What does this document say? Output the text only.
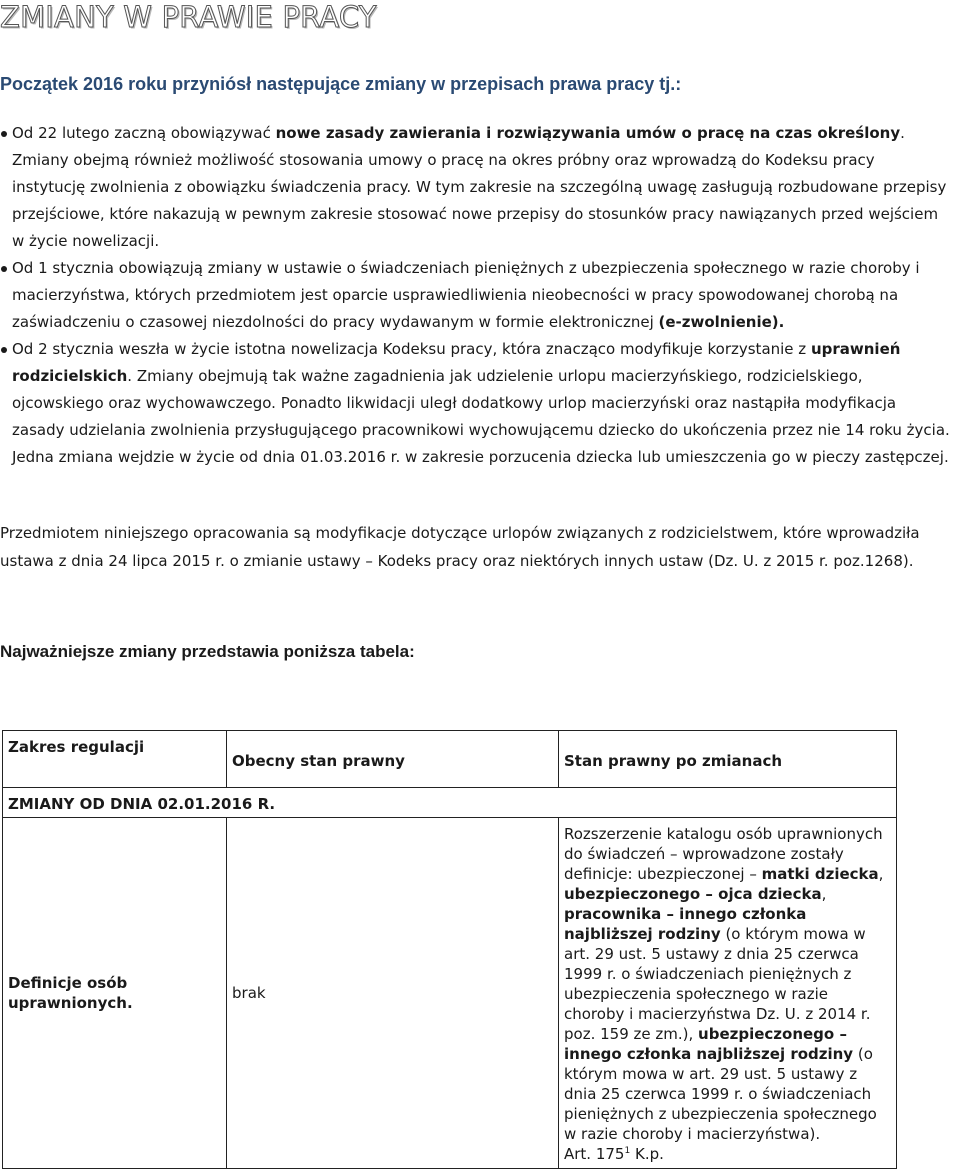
ZMIANY W PRAWIE PRACY
Początek 2016 roku przyniósł następujące zmiany w przepisach prawa pracy tj.:
Od 22 lutego zaczną obowiązywać nowe zasady zawierania i rozwiązywania umów o pracę na czas określony. Zmiany obejmą również możliwość stosowania umowy o pracę na okres próbny oraz wprowadzą do Kodeksu pracy instytucję zwolnienia z obowiązku świadczenia pracy. W tym zakresie na szczególną uwagę zasługują rozbudowane przepisy przejściowe, które nakazują w pewnym zakresie stosować nowe przepisy do stosunków pracy nawiązanych przed wejściem w życie nowelizacji.
Od 1 stycznia obowiązują zmiany w ustawie o świadczeniach pieniężnych z ubezpieczenia społecznego w razie choroby i macierzyństwa, których przedmiotem jest oparcie usprawiedliwienia nieobecności w pracy spowodowanej chorobą na zaświadczeniu o czasowej niezdolności do pracy wydawanym w formie elektronicznej (e-zwolnienie).
Od 2 stycznia weszła w życie istotna nowelizacja Kodeksu pracy, która znacząco modyfikuje korzystanie z uprawnień rodzicielskich. Zmiany obejmują tak ważne zagadnienia jak udzielenie urlopu macierzyńskiego, rodzicielskiego, ojcowskiego oraz wychowawczego. Ponadto likwidacji uległ dodatkowy urlop macierzyński oraz nastąpiła modyfikacja zasady udzielania zwolnienia przysługującego pracownikowi wychowującemu dziecko do ukończenia przez nie 14 roku życia. Jedna zmiana wejdzie w życie od dnia 01.03.2016 r. w zakresie porzucenia dziecka lub umieszczenia go w pieczy zastępczej.

Przedmiotem niniejszego opracowania są modyfikacje dotyczące urlopów związanych z rodzicielstwem, które wprowadziła
ustawa z dnia 24 lipca 2015 r. o zmianie ustawy – Kodeks pracy oraz niektórych innych ustaw (Dz. U. z 2015 r. poz.1268).

Najważniejsze zmiany przedstawia poniższa tabela:

Zakres regulacji	Obecny stan prawny	Stan prawny po zmianach
ZMIANY OD DNIA 02.01.2016 R.		
Definicje osób uprawnionych.	brak	Rozszerzenie katalogu osób uprawnionych do świadczeń – wprowadzone zostały definicje: ubezpieczonej – matki dziecka, ubezpieczonego – ojca dziecka, pracownika – innego członka najbliższej rodziny (o którym mowa w art. 29 ust. 5 ustawy z dnia 25 czerwca 1999 r. o świadczeniach pieniężnych z ubezpieczenia społecznego w razie choroby i macierzyństwa Dz. U. z 2014 r. poz. 159 ze zm.), ubezpieczonego – innego członka najbliższej rodziny (o którym mowa w art. 29 ust. 5 ustawy z dnia 25 czerwca 1999 r. o świadczeniach pieniężnych z ubezpieczenia społecznego w razie choroby i macierzyństwa).
Art. $175^1$ K.p.
